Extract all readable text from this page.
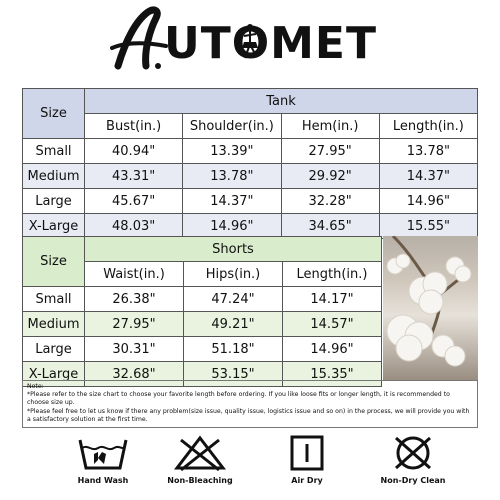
UTOMET
Size	Tank			
	Bust(in.)	Shoulder(in.)	Hem(in.)	Length(in.)
Small	40.94"	13.39"	27.95"	13.78"
Medium	43.31"	13.78"	29.92"	14.37"
Large	45.67"	14.37"	32.28"	14.96"
X-Large	48.03"	14.96"	34.65"	15.55"
Size	Shorts		
	Waist(in.)	Hips(in.)	Length(in.)
Small	26.38"	47.24"	14.17"
Medium	27.95"	49.21"	14.57"
Large	30.31"	51.18"	14.96"
X-Large	32.68"	53.15"	15.35"
Note:
*Please refer to the size chart to choose your favorite length before ordering. If you like loose fits or longer length, it is recommended to choose size up.
*Please feel free to let us know if there any problem(size issue, quality issue, logistics issue and so on) in the process, we will provide you with a satisfactory solution at the first time.
Hand Wash	Non-Bleaching	Air Dry	Non-Dry Clean
